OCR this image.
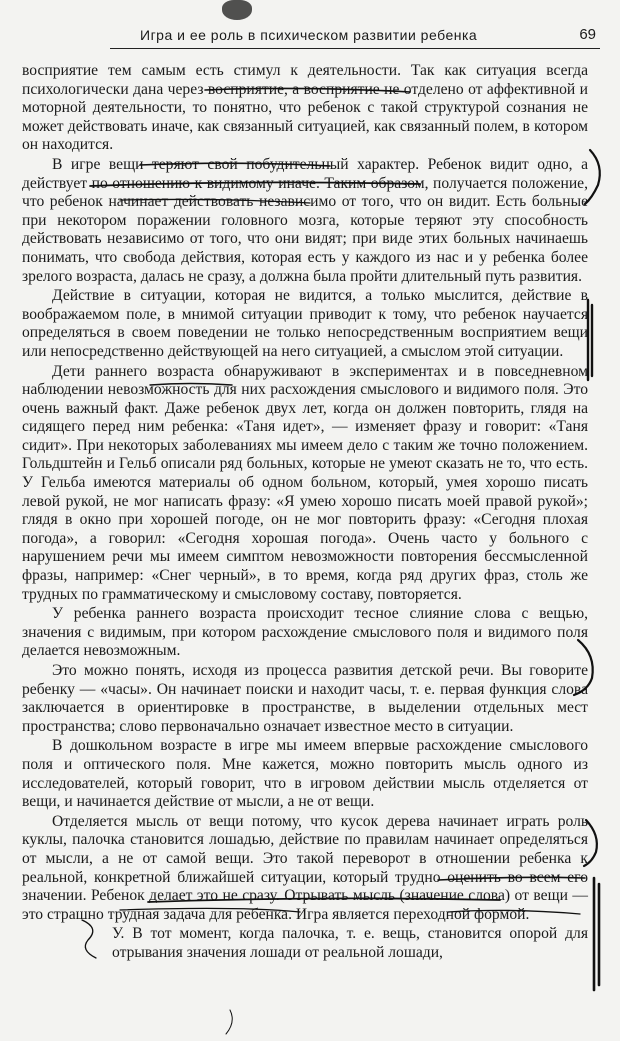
Игра и ее роль в психическом развитии ребенка	69

восприятие тем самым есть стимул к деятельности. Так как ситуация всегда психологически дана через восприятие, а восприятие не отделено от аффективной и моторной деятельности, то понятно, что ребенок с такой структурой сознания не может действовать иначе, как связанный ситуацией, как связанный полем, в котором он находится.

В игре вещи теряют свой побудительный характер. Ребенок видит одно, а действует по отношению к видимому иначе. Таким образом, получается положение, что ребенок начинает действовать независимо от того, что он видит. Есть больные при некотором поражении головного мозга, которые теряют эту способность действовать независимо от того, что они видят; при виде этих больных начинаешь понимать, что свобода действия, которая есть у каждого из нас и у ребенка более зрелого возраста, далась не сразу, а должна была пройти длительный путь развития.

Действие в ситуации, которая не видится, а только мыслится, действие в воображаемом поле, в мнимой ситуации приводит к тому, что ребенок научается определяться в своем поведении не только непосредственным восприятием вещи или непосредственно действующей на него ситуацией, а смыслом этой ситуации.

Дети раннего возраста обнаруживают в экспериментах и в повседневном наблюдении невозможность для них расхождения смыслового и видимого поля. Это очень важный факт. Даже ребенок двух лет, когда он должен повторить, глядя на сидящего перед ним ребенка: «Таня идет», — изменяет фразу и говорит: «Таня сидит». При некоторых заболеваниях мы имеем дело с таким же точно положением. Гольдштейн и Гельб описали ряд больных, которые не умеют сказать не то, что есть. У Гельба имеются материалы об одном больном, который, умея хорошо писать левой рукой, не мог написать фразу: «Я умею хорошо писать моей правой рукой»; глядя в окно при хорошей погоде, он не мог повторить фразу: «Сегодня плохая погода», а говорил: «Сегодня хорошая погода». Очень часто у больного с нарушением речи мы имеем симптом невозможности повторения бессмысленной фразы, например: «Снег черный», в то время, когда ряд других фраз, столь же трудных по грамматическому и смысловому составу, повторяется.

У ребенка раннего возраста происходит тесное слияние слова с вещью, значения с видимым, при котором расхождение смыслового поля и видимого поля делается невозможным.

Это можно понять, исходя из процесса развития детской речи. Вы говорите ребенку — «часы». Он начинает поиски и находит часы, т. е. первая функция слова заключается в ориентировке в пространстве, в выделении отдельных мест пространства; слово первоначально означает известное место в ситуации.

В дошкольном возрасте в игре мы имеем впервые расхождение смыслового поля и оптического поля. Мне кажется, можно повторить мысль одного из исследователей, который говорит, что в игровом действии мысль отделяется от вещи, и начинается действие от мысли, а не от вещи.

Отделяется мысль от вещи потому, что кусок дерева начинает играть роль куклы, палочка становится лошадью, действие по правилам начинает определяться от мысли, а не от самой вещи. Это такой переворот в отношении ребенка к реальной, конкретной ближайшей ситуации, который трудно оценить во всем его значении. Ребенок делает это не сразу. Отрывать мысль (значение слова) от вещи — это страшно трудная задача для ребенка. Игра является переходной формой.

У. В тот момент, когда палочка, т. е. вещь, становится опорой для отрывания значения лошади от реальной лошади,
